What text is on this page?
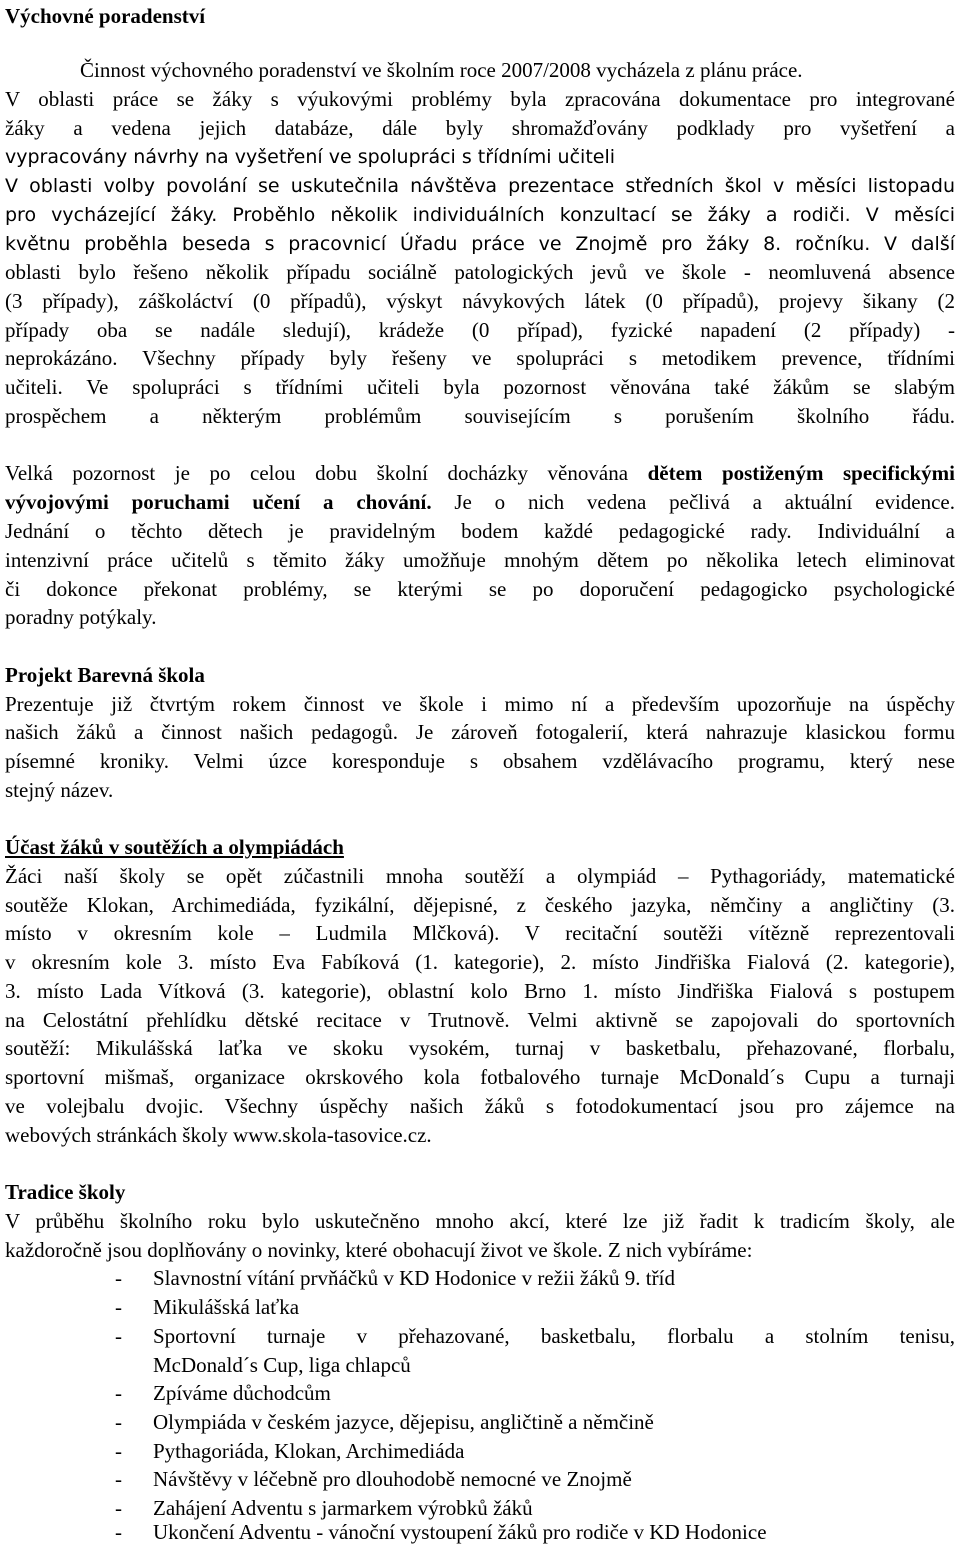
Výchovné poradenství
Činnost výchovného poradenství ve školním roce 2007/2008 vycházela z plánu práce.
V oblasti práce se žáky s výukovými problémy byla zpracována dokumentace pro integrované
žáky a vedena jejich databáze, dále byly shromažďovány podklady pro vyšetření a
vypracovány návrhy na vyšetření ve spolupráci s třídními učiteli
V oblasti volby povolání se uskutečnila návštěva prezentace středních škol v měsíci listopadu
pro vycházející žáky. Proběhlo několik individuálních konzultací se žáky a rodiči. V měsíci
květnu proběhla beseda s pracovnicí Úřadu práce ve Znojmě pro žáky 8. ročníku. V další
oblasti bylo řešeno několik případu sociálně patologických jevů ve škole - neomluvená absence
(3 případy), záškoláctví (0 případů), výskyt návykových látek (0 případů), projevy šikany (2
případy oba se nadále sledují), krádeže (0 případ), fyzické napadení (2 případy) -
neprokázáno. Všechny případy byly řešeny ve spolupráci s metodikem prevence, třídními
učiteli. Ve spolupráci s třídními učiteli byla pozornost věnována také žákům se slabým
prospěchem a některým problémům souvisejícím s porušením školního řádu.
Velká pozornost je po celou dobu školní docházky věnována dětem postiženým specifickými
vývojovými poruchami učení a chování. Je o nich vedena pečlivá a aktuální evidence.
Jednání o těchto dětech je pravidelným bodem každé pedagogické rady. Individuální a
intenzivní práce učitelů s těmito žáky umožňuje mnohým dětem po několika letech eliminovat
či dokonce překonat problémy, se kterými se po doporučení pedagogicko psychologické
poradny potýkaly.
Projekt Barevná škola
Prezentuje již čtvrtým rokem činnost ve škole i mimo ní a především upozorňuje na úspěchy
našich žáků a činnost našich pedagogů. Je zároveň fotogalerií, která nahrazuje klasickou formu
písemné kroniky. Velmi úzce koresponduje s obsahem vzdělávacího programu, který nese
stejný název.
Účast žáků v soutěžích a olympiádách
Žáci naší školy se opět zúčastnili mnoha soutěží a olympiád – Pythagoriády, matematické
soutěže Klokan, Archimediáda, fyzikální, dějepisné, z českého jazyka, němčiny a angličtiny (3.
místo v okresním kole – Ludmila Mlčková). V recitační soutěži vítězně reprezentovali
v okresním kole 3. místo Eva Fabíková (1. kategorie), 2. místo Jindřiška Fialová (2. kategorie),
3. místo Lada Vítková (3. kategorie), oblastní kolo Brno 1. místo Jindřiška Fialová s postupem
na Celostátní přehlídku dětské recitace v Trutnově. Velmi aktivně se zapojovali do sportovních
soutěží: Mikulášská laťka ve skoku vysokém, turnaj v basketbalu, přehazované, florbalu,
sportovní mišmaš, organizace okrskového kola fotbalového turnaje McDonald´s Cupu a turnaji
ve volejbalu dvojic. Všechny úspěchy našich žáků s fotodokumentací jsou pro zájemce na
webových stránkách školy www.skola-tasovice.cz.
Tradice školy
V průběhu školního roku bylo uskutečněno mnoho akcí, které lze již řadit k tradicím školy, ale
každoročně jsou doplňovány o novinky, které obohacují život ve škole. Z nich vybíráme:
- Slavnostní vítání prvňáčků v KD Hodonice v režii žáků 9. tříd
- Mikulášská laťka
- Sportovní turnaje v přehazované, basketbalu, florbalu a stolním tenisu,
McDonald´s Cup, liga chlapců
- Zpíváme důchodcům
- Olympiáda v českém jazyce, dějepisu, angličtině a němčině
- Pythagoriáda, Klokan, Archimediáda
- Návštěvy v léčebně pro dlouhodobě nemocné ve Znojmě
- Zahájení Adventu s jarmarkem výrobků žáků
- Ukončení Adventu - vánoční vystoupení žáků pro rodiče v KD Hodonice
